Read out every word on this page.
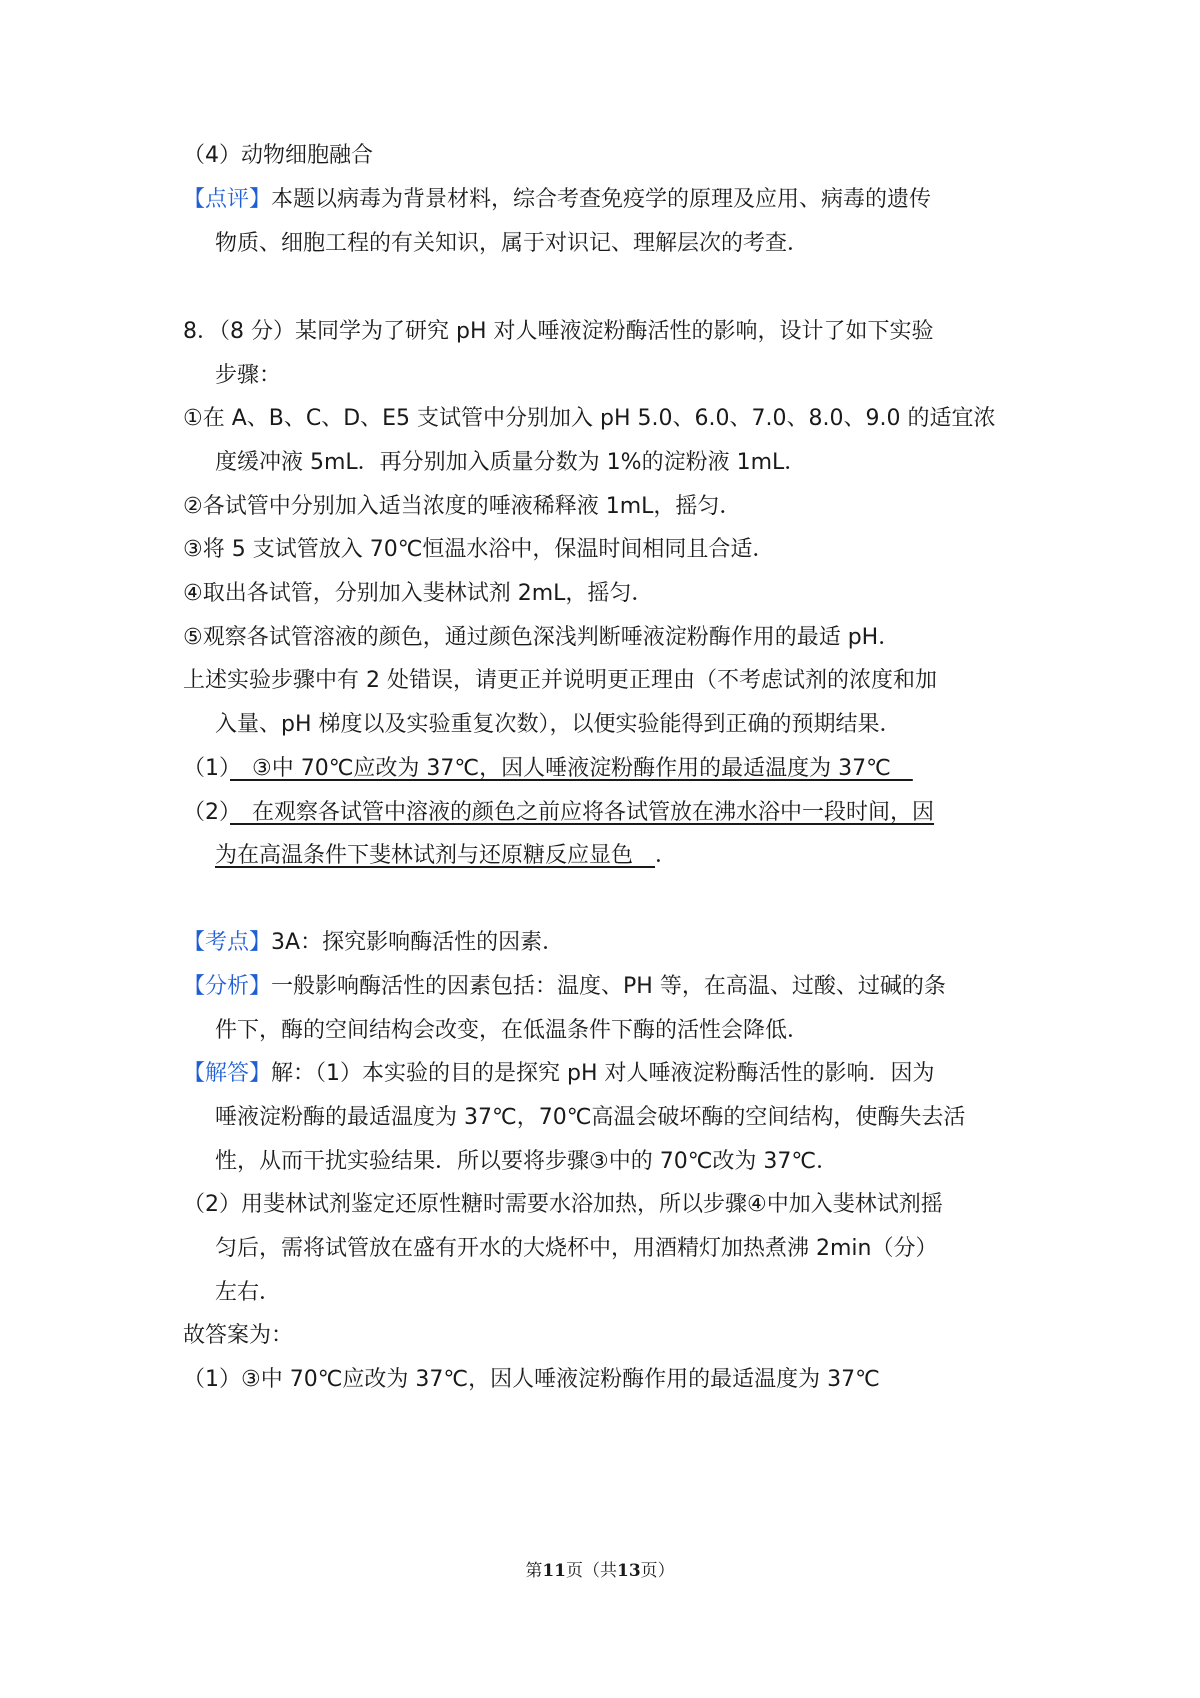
（4）动物细胞融合
【点评】本题以病毒为背景材料，综合考查免疫学的原理及应用、病毒的遗传
物质、细胞工程的有关知识，属于对识记、理解层次的考查．
8．（8 分）某同学为了研究 pH 对人唾液淀粉酶活性的影响，设计了如下实验
步骤：
①在 A、B、C、D、E5 支试管中分别加入 pH 5.0、6.0、7.0、8.0、9.0 的适宜浓
度缓冲液 5mL．再分别加入质量分数为 1%的淀粉液 1mL．
②各试管中分别加入适当浓度的唾液稀释液 1mL，摇匀．
③将 5 支试管放入 70℃恒温水浴中，保温时间相同且合适．
④取出各试管，分别加入斐林试剂 2mL，摇匀．
⑤观察各试管溶液的颜色，通过颜色深浅判断唾液淀粉酶作用的最适 pH．
上述实验步骤中有 2 处错误，请更正并说明更正理由（不考虑试剂的浓度和加
入量、pH 梯度以及实验重复次数），以便实验能得到正确的预期结果．
（1）　③中 70℃应改为 37℃，因人唾液淀粉酶作用的最适温度为 37℃　
（2）　在观察各试管中溶液的颜色之前应将各试管放在沸水浴中一段时间，因
为在高温条件下斐林试剂与还原糖反应显色　．
【考点】3A：探究影响酶活性的因素．
【分析】一般影响酶活性的因素包括：温度、PH 等，在高温、过酸、过碱的条
件下，酶的空间结构会改变，在低温条件下酶的活性会降低．
【解答】解：（1）本实验的目的是探究 pH 对人唾液淀粉酶活性的影响．因为
唾液淀粉酶的最适温度为 37℃，70℃高温会破坏酶的空间结构，使酶失去活
性，从而干扰实验结果．所以要将步骤③中的 70℃改为 37℃．
（2）用斐林试剂鉴定还原性糖时需要水浴加热，所以步骤④中加入斐林试剂摇
匀后，需将试管放在盛有开水的大烧杯中，用酒精灯加热煮沸 2min（分）
左右．
故答案为：
（1）③中 70℃应改为 37℃，因人唾液淀粉酶作用的最适温度为 37℃
第11页（共13页）
